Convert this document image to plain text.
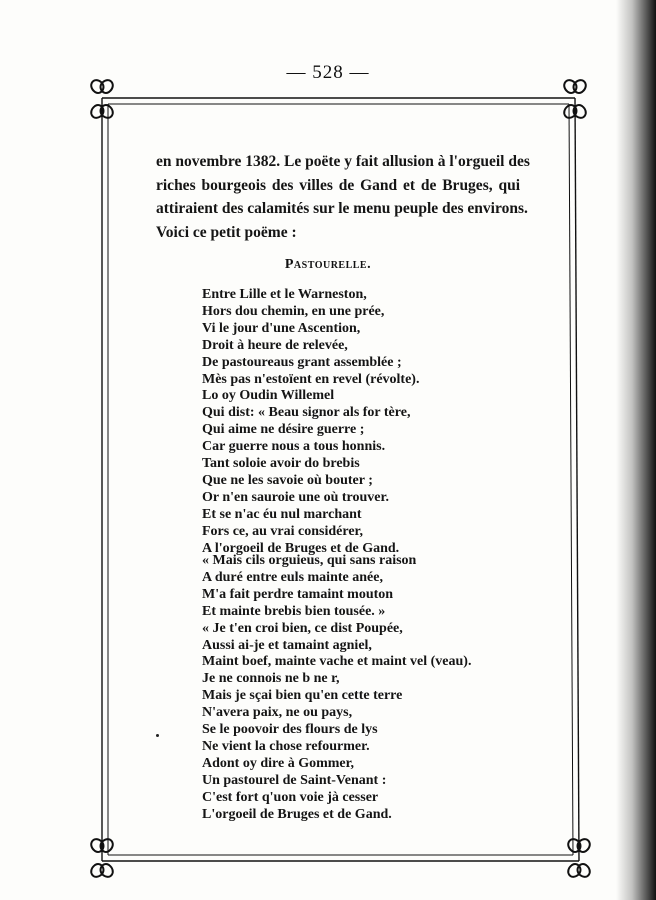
— 528 —
en novembre 1382. Le poëte y fait allusion à l'orgueil des
riches bourgeois des villes de Gand et de Bruges, qui
attiraient des calamités sur le menu peuple des environs.
Voici ce petit poëme :
Pastourelle.
Entre Lille et le Warneston,
Hors dou chemin, en une prée,
Vi le jour d'une Ascention,
Droit à heure de relevée,
De pastoureaus grant assemblée ;
Mès pas n'estoïent en revel (révolte).
Lo oy Oudin Willemel
Qui dist: « Beau signor als for tère,
Qui aime ne désire guerre ;
Car guerre nous a tous honnis.
Tant soloie avoir do brebis
Que ne les savoie où bouter ;
Or n'en sauroie une où trouver.
Et se n'ac éu nul marchant
Fors ce, au vrai considérer,
A l'orgoeil de Bruges et de Gand.
« Mais cils orguieus, qui sans raison
A duré entre euls mainte anée,
M'a fait perdre tamaint mouton
Et mainte brebis bien tousée. »
« Je t'en croi bien, ce dist Poupée,
Aussi ai-je et tamaint agniel,
Maint boef, mainte vache et maint vel (veau).
Je ne connois ne b ne r,
Mais je sçai bien qu'en cette terre
N'avera paix, ne ou pays,
Se le poovoir des flours de lys
Ne vient la chose refourmer.
Adont oy dire à Gommer,
Un pastourel de Saint-Venant :
C'est fort q'uon voie jà cesser
L'orgoeil de Bruges et de Gand.
